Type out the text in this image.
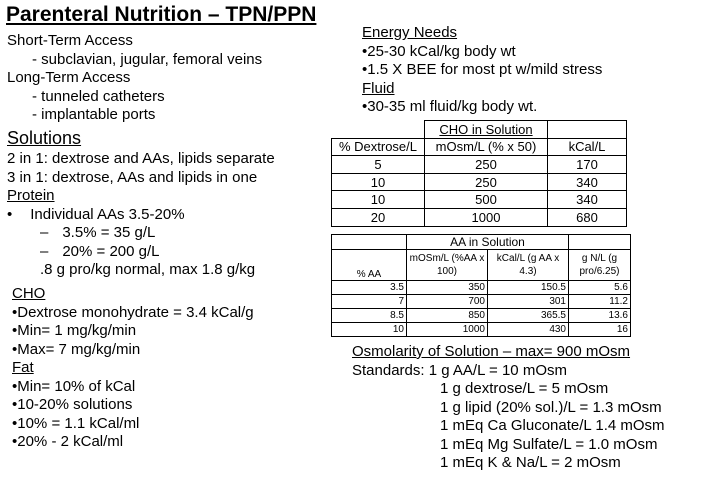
Parenteral Nutrition – TPN/PPN
Short-Term Access
- subclavian, jugular, femoral veins
Long-Term Access
- tunneled catheters
- implantable ports
Solutions
2 in 1: dextrose and AAs, lipids separate
3 in 1: dextrose, AAs and lipids in one
Protein
• Individual AAs 3.5-20%
– 3.5% = 35 g/L
– 20% = 200 g/L
.8 g pro/kg normal, max 1.8 g/kg
CHO
•Dextrose monohydrate = 3.4 kCal/g
•Min= 1 mg/kg/min
•Max= 7 mg/kg/min
Fat
•Min= 10% of kCal
•10-20% solutions
•10% = 1.1 kCal/ml
•20% - 2 kCal/ml
Energy Needs
•25-30 kCal/kg body wt
•1.5 X BEE for most pt w/mild stress
Fluid
•30-35 ml fluid/kg body wt.
	CHO in Solution	
% Dextrose/L	mOsm/L (% x 50)	kCal/L
5	250	170
10	250	340
10	500	340
20	1000	680
	AA in Solution		
% AA	mOSm/L (%AA x 100)	kCal/L (g AA x 4.3)	g N/L (g pro/6.25)
3.5	350	150.5	5.6
7	700	301	11.2
8.5	850	365.5	13.6
10	1000	430	16
Osmolarity of Solution – max= 900 mOsm
Standards: 1 g AA/L = 10 mOsm
1 g dextrose/L = 5 mOsm
1 g lipid (20% sol.)/L = 1.3 mOsm
1 mEq Ca Gluconate/L 1.4 mOsm
1 mEq Mg Sulfate/L = 1.0 mOsm
1 mEq K & Na/L = 2 mOsm
